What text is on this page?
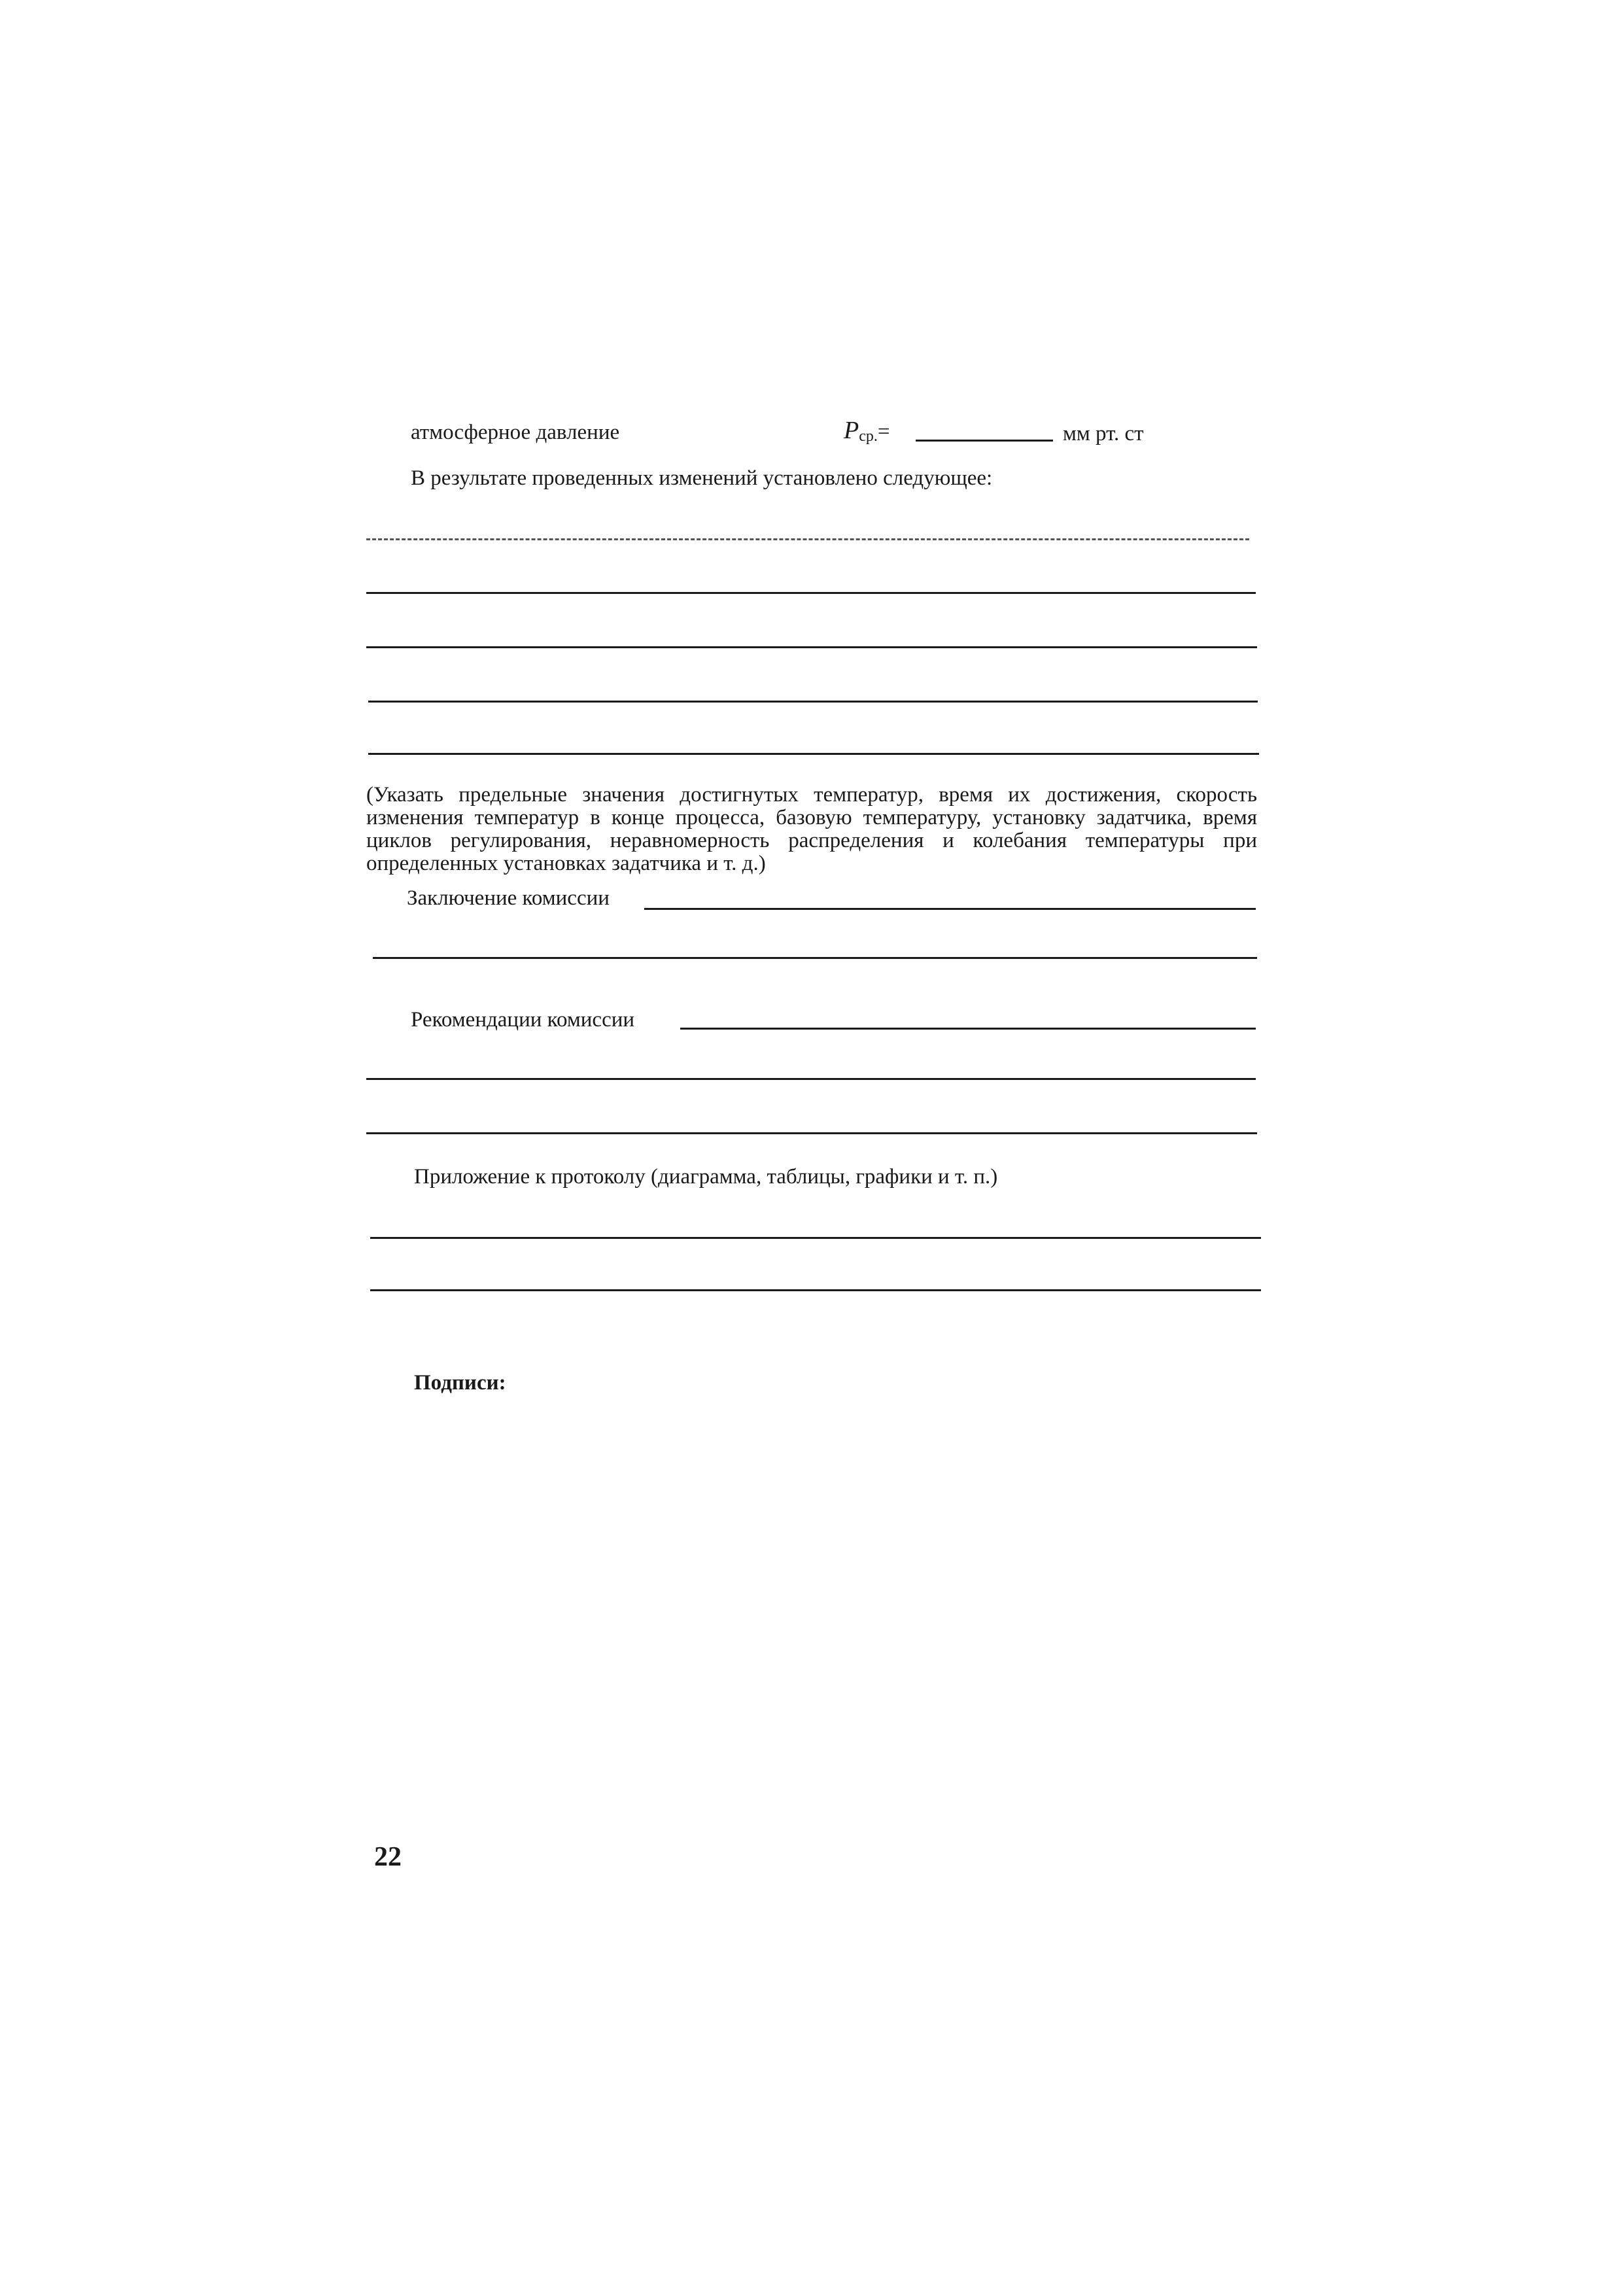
атмосферное давление	Pср.=	мм рт. ст
В результате проведенных изменений установлено следующее:
(Указать предельные значения достигнутых температур, время их достижения, скорость изменения температур в конце процесса, базовую температуру, установку задатчика, время циклов регулирования, неравномерность распределения и колебания температуры при определенных установках задатчика и т. д.)
Заключение комиссии
Рекомендации комиссии
Приложение к протоколу (диаграмма, таблицы, графики и т. п.)
Подписи:
22
